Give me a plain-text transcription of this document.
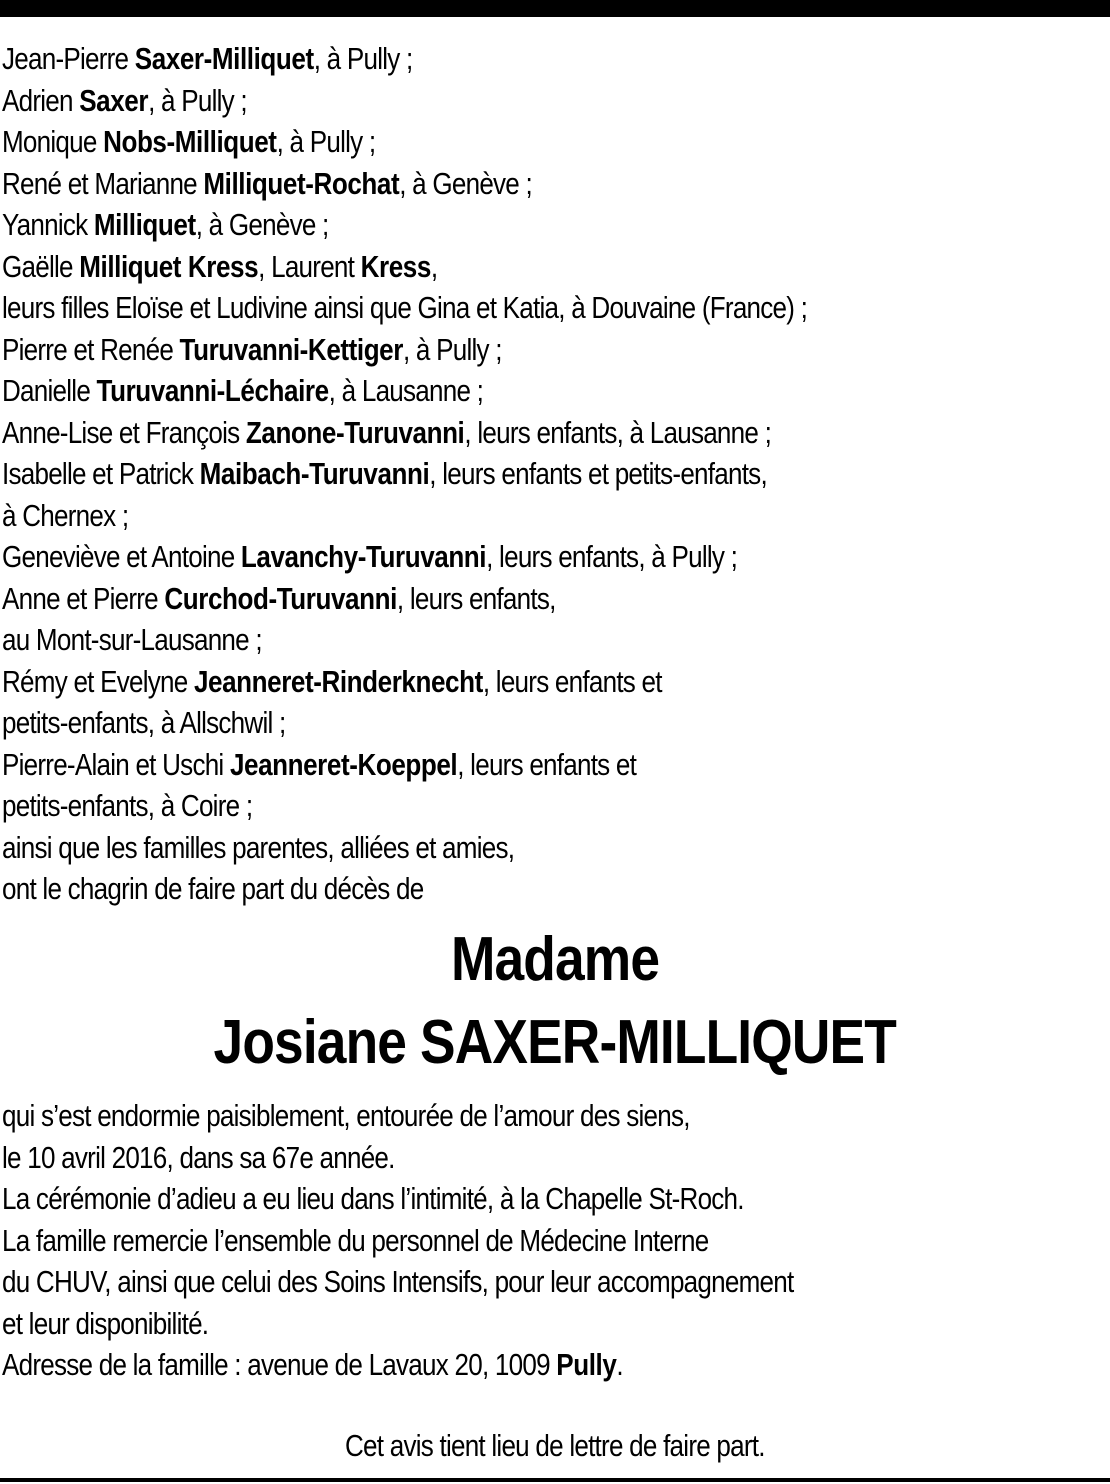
Jean-Pierre Saxer-Milliquet, à Pully ;
Adrien Saxer, à Pully ;
Monique Nobs-Milliquet, à Pully ;
René et Marianne Milliquet-Rochat, à Genève ;
Yannick Milliquet, à Genève ;
Gaëlle Milliquet Kress, Laurent Kress,
leurs filles Eloïse et Ludivine ainsi que Gina et Katia, à Douvaine (France) ;
Pierre et Renée Turuvanni-Kettiger, à Pully ;
Danielle Turuvanni-Léchaire, à Lausanne ;
Anne-Lise et François Zanone-Turuvanni, leurs enfants, à Lausanne ;
Isabelle et Patrick Maibach-Turuvanni, leurs enfants et petits-enfants,
à Chernex ;
Geneviève et Antoine Lavanchy-Turuvanni, leurs enfants, à Pully ;
Anne et Pierre Curchod-Turuvanni, leurs enfants,
au Mont-sur-Lausanne ;
Rémy et Evelyne Jeanneret-Rinderknecht, leurs enfants et
petits-enfants, à Allschwil ;
Pierre-Alain et Uschi Jeanneret-Koeppel, leurs enfants et
petits-enfants, à Coire ;
ainsi que les familles parentes, alliées et amies,
ont le chagrin de faire part du décès de
Madame
Josiane SAXER-MILLIQUET
qui s’est endormie paisiblement, entourée de l’amour des siens,
le 10 avril 2016, dans sa 67e année.
La cérémonie d’adieu a eu lieu dans l’intimité, à la Chapelle St-Roch.
La famille remercie l’ensemble du personnel de Médecine Interne
du CHUV, ainsi que celui des Soins Intensifs, pour leur accompagnement
et leur disponibilité.
Adresse de la famille : avenue de Lavaux 20, 1009 Pully.
Cet avis tient lieu de lettre de faire part.
